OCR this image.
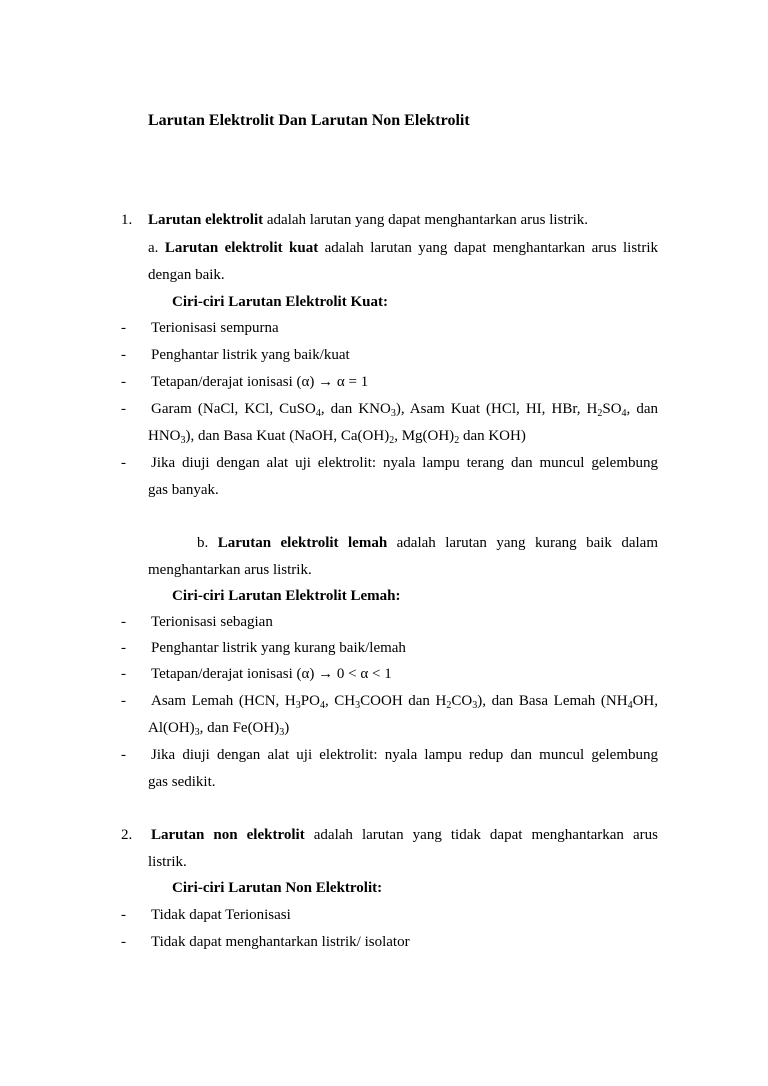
Larutan Elektrolit Dan Larutan Non Elektrolit
1. Larutan elektrolit adalah larutan yang dapat menghantarkan arus listrik.
a. Larutan elektrolit kuat adalah larutan yang dapat menghantarkan arus listrik
dengan baik.
Ciri-ciri Larutan Elektrolit Kuat:
- Terionisasi sempurna
- Penghantar listrik yang baik/kuat
- Tetapan/derajat ionisasi (α) → α = 1
- Garam (NaCl, KCl, CuSO$_4$, dan $KNO_3$), Asam Kuat (HCl, HI, HBr, $H_2SO_4$, dan
$HNO_3$), dan Basa Kuat (NaOH, $Ca(OH)_2$, $Mg(OH)_2$ dan KOH)
- Jika diuji dengan alat uji elektrolit: nyala lampu terang dan muncul gelembung
gas banyak.
b. Larutan elektrolit lemah adalah larutan yang kurang baik dalam
menghantarkan arus listrik.
Ciri-ciri Larutan Elektrolit Lemah:
- Terionisasi sebagian
- Penghantar listrik yang kurang baik/lemah
- Tetapan/derajat ionisasi (α) → 0 < α < 1
- Asam Lemah (HCN, $H_3PO_4$, $CH_3COOH$ dan $H_2CO_3$), dan Basa Lemah ($NH_4OH$,
$Al(OH)_3$, dan $Fe(OH)_3$)
- Jika diuji dengan alat uji elektrolit: nyala lampu redup dan muncul gelembung
gas sedikit.
2. Larutan non elektrolit adalah larutan yang tidak dapat menghantarkan arus
listrik.
Ciri-ciri Larutan Non Elektrolit:
- Tidak dapat Terionisasi
- Tidak dapat menghantarkan listrik/ isolator
